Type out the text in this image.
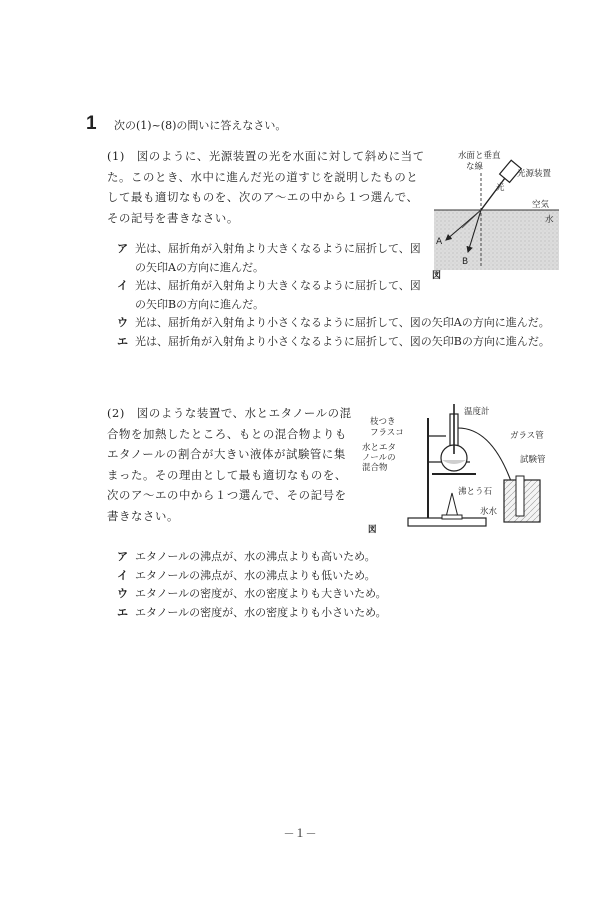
1 次の(1)~(8)の問いに答えなさい。
(1)　図のように、光源装置の光を水面に対して斜めに当てた。このとき、水中に進んだ光の道すじを説明したものとして最も適切なものを、次のア～エの中から１つ選んで、その記号を書きなさい。
水面と垂直
な線
光源装置
光
空気
水
A
B
図
ア 光は、屈折角が入射角より大きくなるように屈折して、図
の矢印Aの方向に進んだ。
イ 光は、屈折角が入射角より大きくなるように屈折して、図
の矢印Bの方向に進んだ。
ウ 光は、屈折角が入射角より小さくなるように屈折して、図の矢印Aの方向に進んだ。
エ 光は、屈折角が入射角より小さくなるように屈折して、図の矢印Bの方向に進んだ。
(2)　図のような装置で、水とエタノールの混合物を加熱したところ、もとの混合物よりもエタノールの割合が大きい液体が試験管に集まった。その理由として最も適切なものを、次のア～エの中から１つ選んで、その記号を書きなさい。
温度計
枝つき
フラスコ
水とエタ
ノールの
混合物
ガラス管
試験管
沸とう石
氷水
図
ア エタノールの沸点が、水の沸点よりも高いため。
イ エタノールの沸点が、水の沸点よりも低いため。
ウ エタノールの密度が、水の密度よりも大きいため。
エ エタノールの密度が、水の密度よりも小さいため。
－１－
